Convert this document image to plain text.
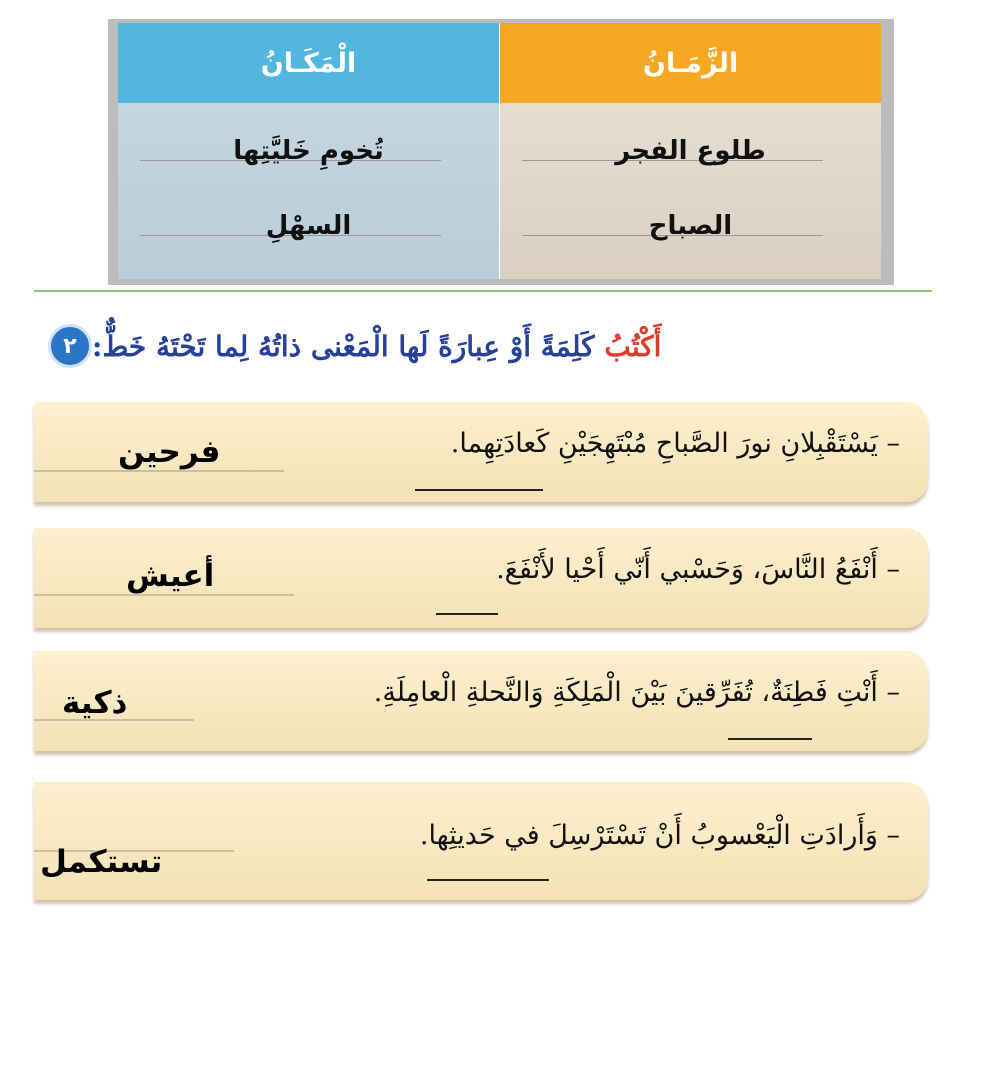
الْمَكَـانُ
تُخومِ خَليَّتِها
السهْلِ
الزَّمَـانُ
طلوع الفجر
الصباح
٢	أَكْتُبُ كَلِمَةً أَوْ عِبارَةً لَها الْمَعْنى ذاتُهُ لِما تَحْتَهُ خَطٌّ:
– يَسْتَقْبِلانِ نورَ الصَّباحِ مُبْتَهِجَيْنِ كَعادَتِهِما.
فرحين
– أَنْفَعُ النَّاسَ، وَحَسْبي أَنّي أَحْيا لأَنْفَعَ.
أعيش
– أَنْتِ فَطِنَةٌ، تُفَرِّقينَ بَيْنَ الْمَلِكَةِ وَالنَّحلةِ الْعامِلَةِ.
ذكية
– وَأَرادَتِ الْيَعْسوبُ أَنْ تَسْتَرْسِلَ في حَديثِها.
تستكمل
